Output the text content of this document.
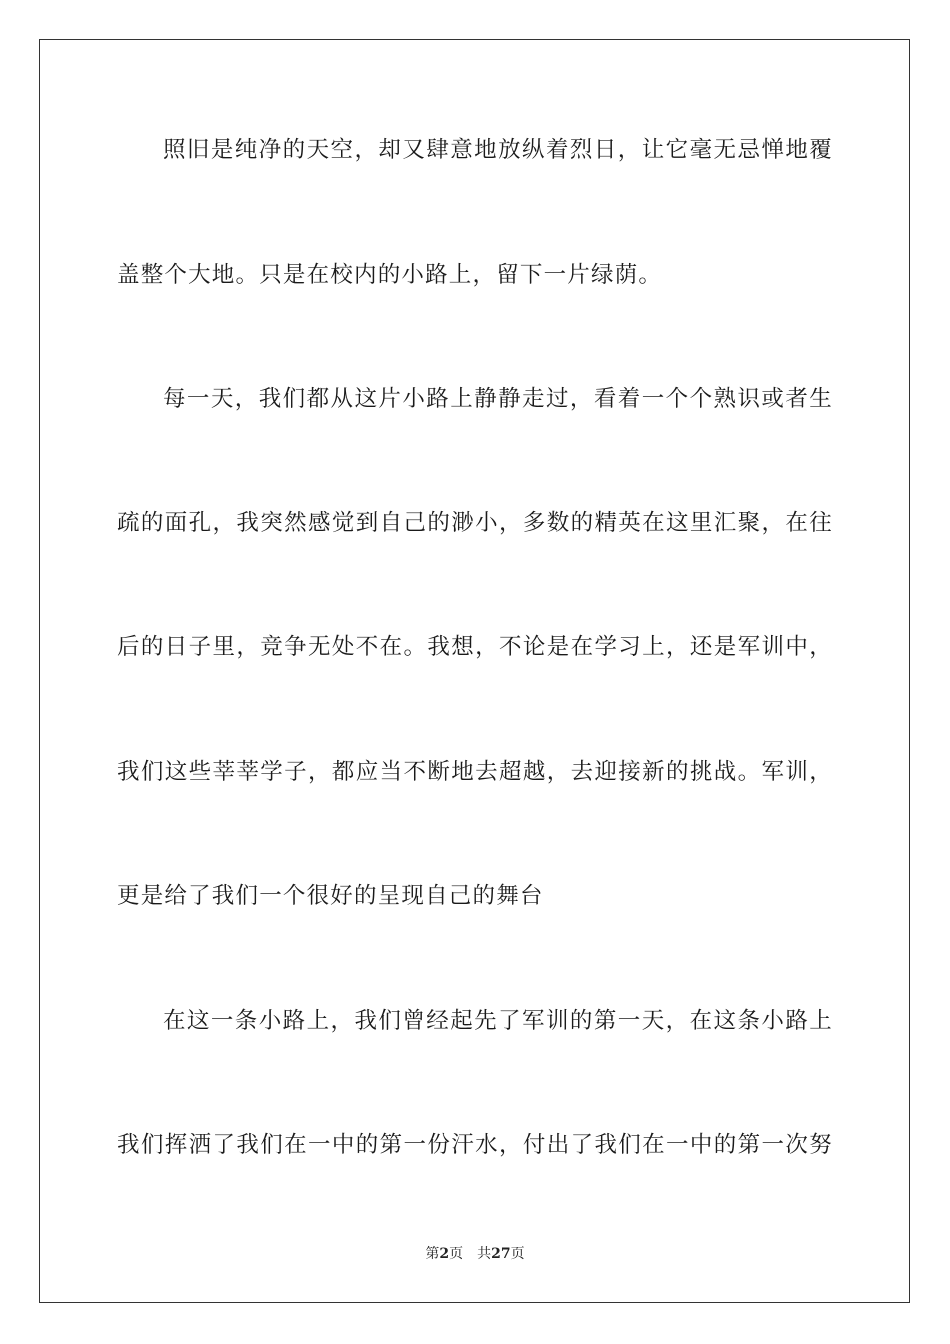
照旧是纯净的天空，却又肆意地放纵着烈日，让它毫无忌惮地覆
盖整个大地。只是在校内的小路上，留下一片绿荫。
每一天，我们都从这片小路上静静走过，看着一个个熟识或者生
疏的面孔，我突然感觉到自己的渺小，多数的精英在这里汇聚，在往
后的日子里，竞争无处不在。我想，不论是在学习上，还是军训中，
我们这些莘莘学子，都应当不断地去超越，去迎接新的挑战。军训，
更是给了我们一个很好的呈现自己的舞台
在这一条小路上，我们曾经起先了军训的第一天，在这条小路上
我们挥洒了我们在一中的第一份汗水，付出了我们在一中的第一次努
第2页 共27页
